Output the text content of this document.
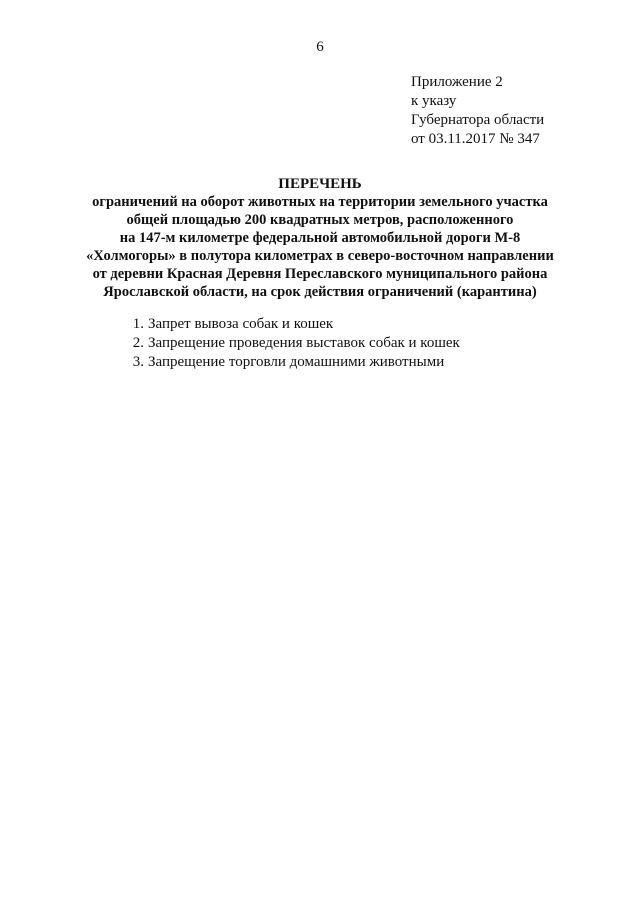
6
Приложение 2
к указу
Губернатора области
от 03.11.2017 № 347
ПЕРЕЧЕНЬ
ограничений на оборот животных на территории земельного участка
общей площадью 200 квадратных метров, расположенного
на 147-м километре федеральной автомобильной дороги М-8
«Холмогоры» в полутора километрах в северо-восточном направлении
от деревни Красная Деревня Переславского муниципального района
Ярославской области, на срок действия ограничений (карантина)
1. Запрет вывоза собак и кошек
2. Запрещение проведения выставок собак и кошек
3. Запрещение торговли домашними животными
